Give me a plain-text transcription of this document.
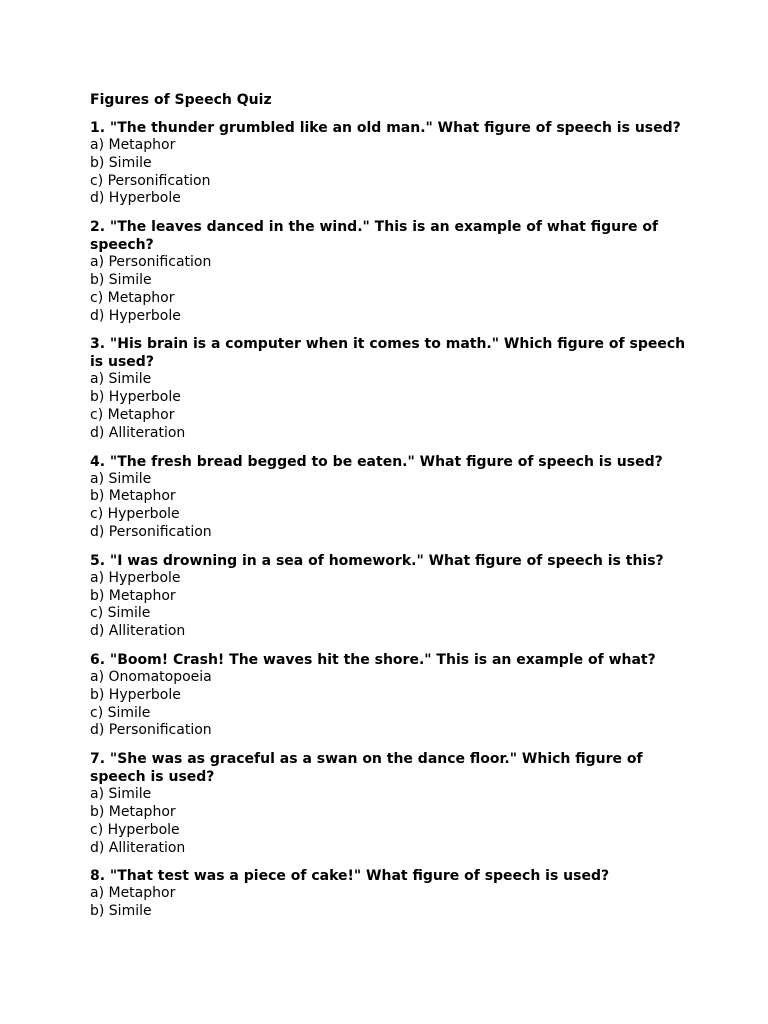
Figures of Speech Quiz

1. "The thunder grumbled like an old man." What figure of speech is used?

a) Metaphor

b) Simile

c) Personification

d) Hyperbole

2. "The leaves danced in the wind." This is an example of what figure of speech?

a) Personification

b) Simile

c) Metaphor

d) Hyperbole

3. "His brain is a computer when it comes to math." Which figure of speech is used?

a) Simile

b) Hyperbole

c) Metaphor

d) Alliteration

4. "The fresh bread begged to be eaten." What figure of speech is used?

a) Simile

b) Metaphor

c) Hyperbole

d) Personification

5. "I was drowning in a sea of homework." What figure of speech is this?

a) Hyperbole

b) Metaphor

c) Simile

d) Alliteration

6. "Boom! Crash! The waves hit the shore." This is an example of what?

a) Onomatopoeia

b) Hyperbole

c) Simile

d) Personification

7. "She was as graceful as a swan on the dance floor." Which figure of speech is used?

a) Simile

b) Metaphor

c) Hyperbole

d) Alliteration

8. "That test was a piece of cake!" What figure of speech is used?

a) Metaphor

b) Simile
